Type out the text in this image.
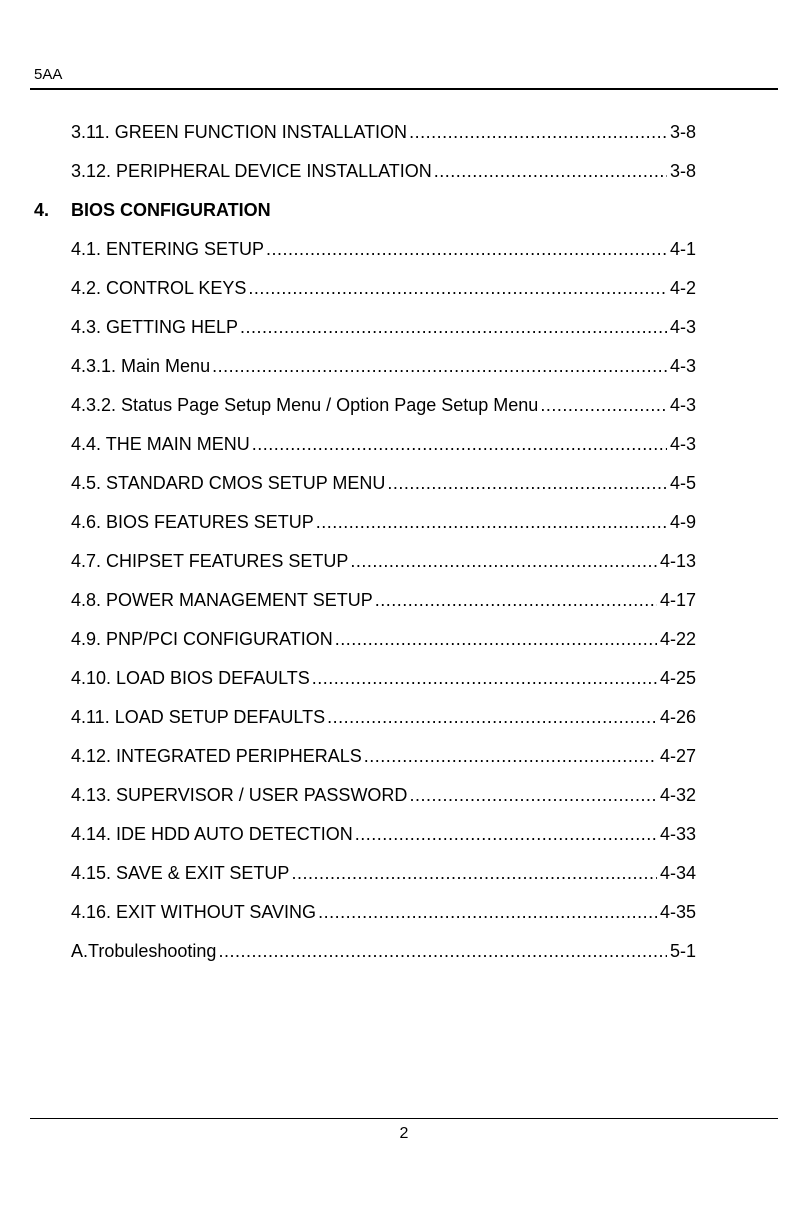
5AA
3.11. GREEN FUNCTION INSTALLATION .....	3-8
3.12. PERIPHERAL DEVICE INSTALLATION .....	3-8
4.	BIOS CONFIGURATION
4.1. ENTERING SETUP .....	4-1
4.2. CONTROL KEYS .....	4-2
4.3. GETTING HELP .....	4-3
4.3.1. Main Menu .....	4-3
4.3.2. Status Page Setup Menu / Option Page Setup Menu .....	4-3
4.4. THE MAIN MENU .....	4-3
4.5. STANDARD CMOS SETUP MENU .....	4-5
4.6. BIOS FEATURES SETUP .....	4-9
4.7. CHIPSET FEATURES SETUP .....	4-13
4.8. POWER MANAGEMENT SETUP .....	4-17
4.9. PNP/PCI CONFIGURATION .....	4-22
4.10. LOAD BIOS DEFAULTS .....	4-25
4.11. LOAD SETUP DEFAULTS .....	4-26
4.12. INTEGRATED PERIPHERALS .....	4-27
4.13. SUPERVISOR / USER PASSWORD .....	4-32
4.14. IDE HDD AUTO DETECTION .....	4-33
4.15. SAVE & EXIT SETUP .....	4-34
4.16. EXIT WITHOUT SAVING .....	4-35
A.Trobuleshooting .....	5-1
2
